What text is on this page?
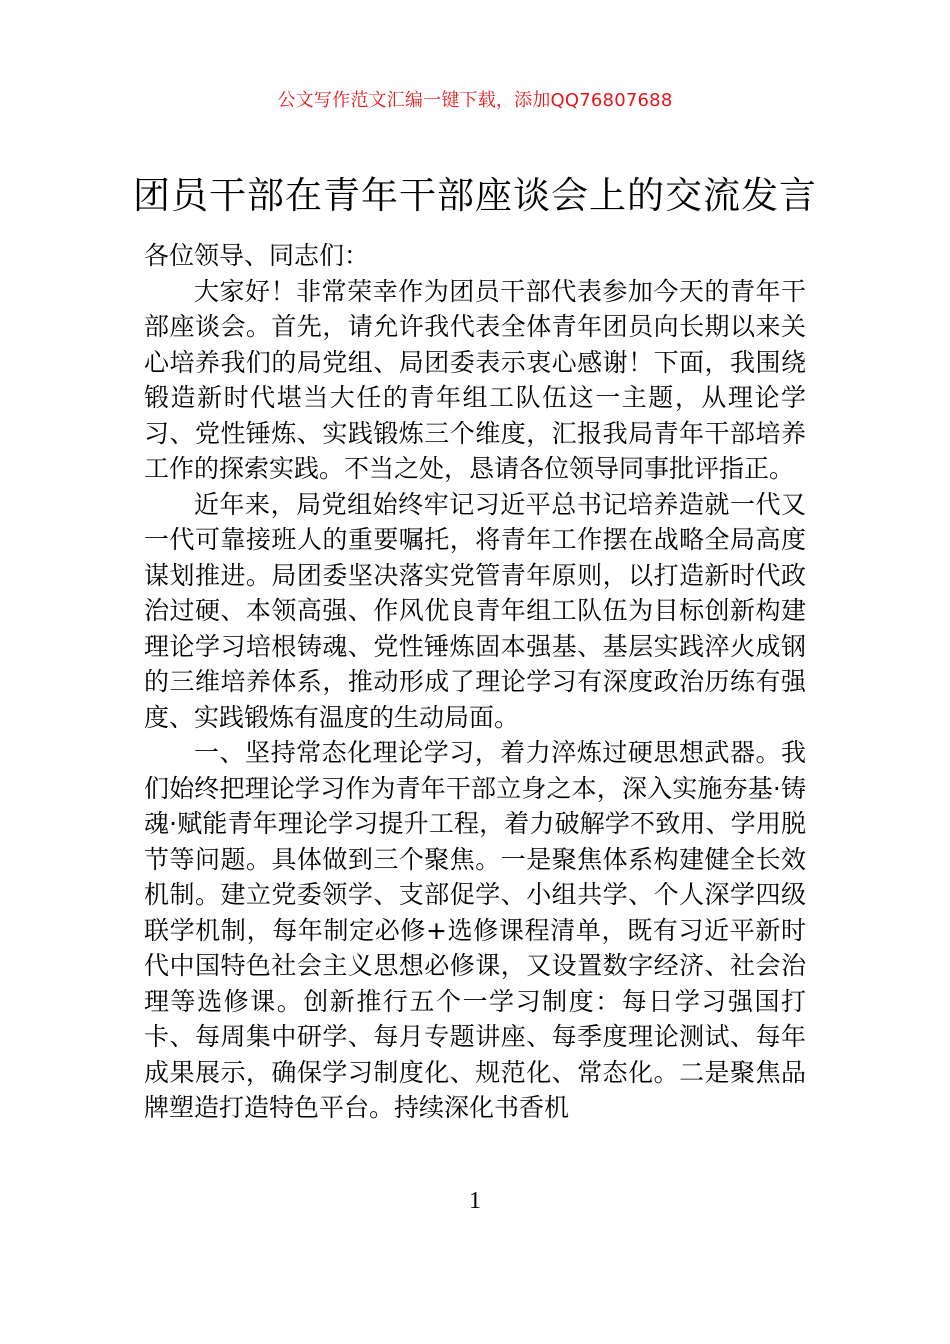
公文写作范文汇编一键下载，添加QQ76807688
团员干部在青年干部座谈会上的交流发言

各位领导、同志们：

大家好！非常荣幸作为团员干部代表参加今天的青年干部座谈会。首先，请允许我代表全体青年团员向长期以来关心培养我们的局党组、局团委表示衷心感谢！下面，我围绕锻造新时代堪当大任的青年组工队伍这一主题，从理论学习、党性锤炼、实践锻炼三个维度，汇报我局青年干部培养工作的探索实践。不当之处，恳请各位领导同事批评指正。

近年来，局党组始终牢记习近平总书记培养造就一代又一代可靠接班人的重要嘱托，将青年工作摆在战略全局高度谋划推进。局团委坚决落实党管青年原则，以打造新时代政治过硬、本领高强、作风优良青年组工队伍为目标创新构建理论学习培根铸魂、党性锤炼固本强基、基层实践淬火成钢的三维培养体系，推动形成了理论学习有深度政治历练有强度、实践锻炼有温度的生动局面。

一、坚持常态化理论学习，着力淬炼过硬思想武器。我们始终把理论学习作为青年干部立身之本，深入实施夯基·铸魂·赋能青年理论学习提升工程，着力破解学不致用、学用脱节等问题。具体做到三个聚焦。一是聚焦体系构建健全长效机制。建立党委领学、支部促学、小组共学、个人深学四级联学机制，每年制定必修+选修课程清单，既有习近平新时代中国特色社会主义思想必修课，又设置数字经济、社会治理等选修课。创新推行五个一学习制度：每日学习强国打卡、每周集中研学、每月专题讲座、每季度理论测试、每年成果展示，确保学习制度化、规范化、常态化。二是聚焦品牌塑造打造特色平台。持续深化书香机

1
